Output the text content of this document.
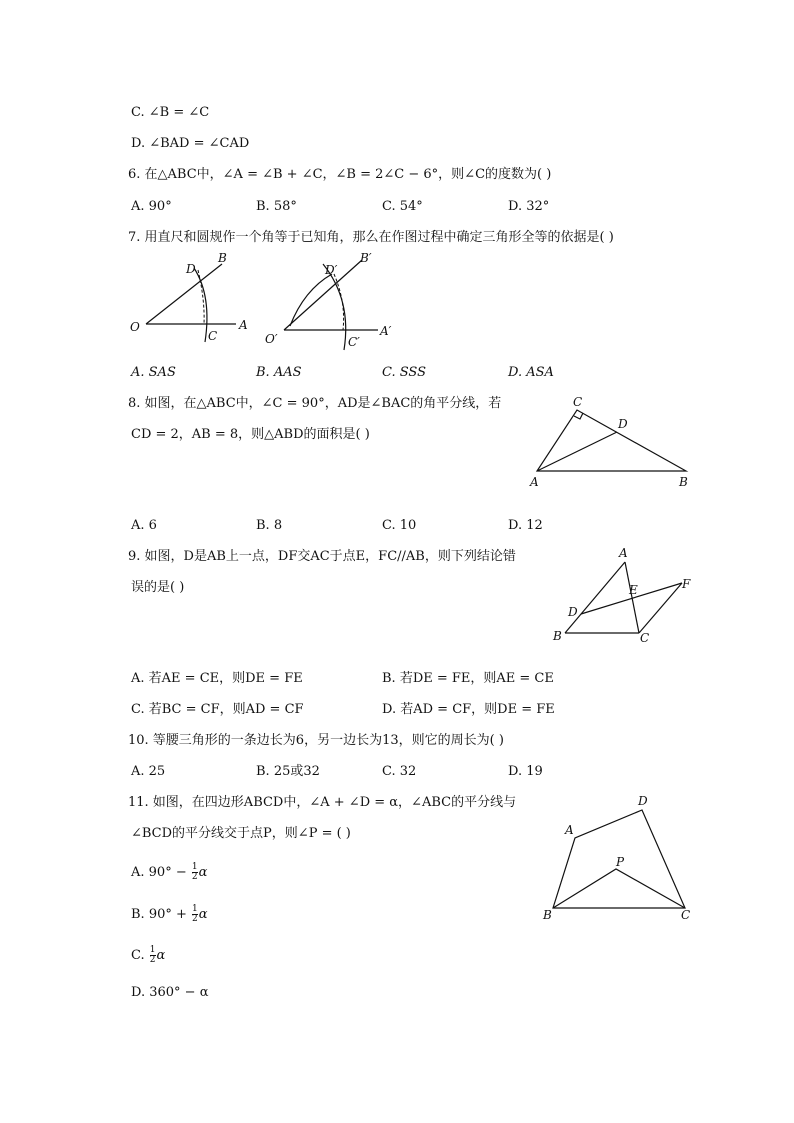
C. ∠B = ∠C
D. ∠BAD = ∠CAD
6. 在△ABC中，∠A = ∠B + ∠C，∠B = 2∠C − 6°，则∠C的度数为( )
A. 90°	B. 58°	C. 54°	D. 32°
7. 用直尺和圆规作一个角等于已知角，那么在作图过程中确定三角形全等的依据是( )
O	A
B
D
C	O′
A′
B′
D′
C′
C
D
A	B
A
B	C
D
E	F
A
D
B	C
P
A. SAS	B. AAS	C. SSS	D. ASA
8. 如图，在△ABC中，∠C = 90°，AD是∠BAC的角平分线，若
CD = 2，AB = 8，则△ABD的面积是( )
A. 6	B. 8	C. 10	D. 12
9. 如图，D是AB上一点，DF交AC于点E，FC//AB，则下列结论错
误的是( )
A. 若AE = CE，则DE = FE	B. 若DE = FE，则AE = CE
C. 若BC = CF，则AD = CF	D. 若AD = CF，则DE = FE
10. 等腰三角形的一条边长为6，另一边长为13，则它的周长为( )
A. 25	B. 25或32	C. 32	D. 19
11. 如图，在四边形ABCD中，∠A + ∠D = α，∠ABC的平分线与
∠BCD的平分线交于点P，则∠P = ( )
A. $90^\circ - \frac{1}{2}$ α
B. $90^\circ + \frac{1}{2}$ α
C. $\frac{1}{2}$ α
D. 360° − α
